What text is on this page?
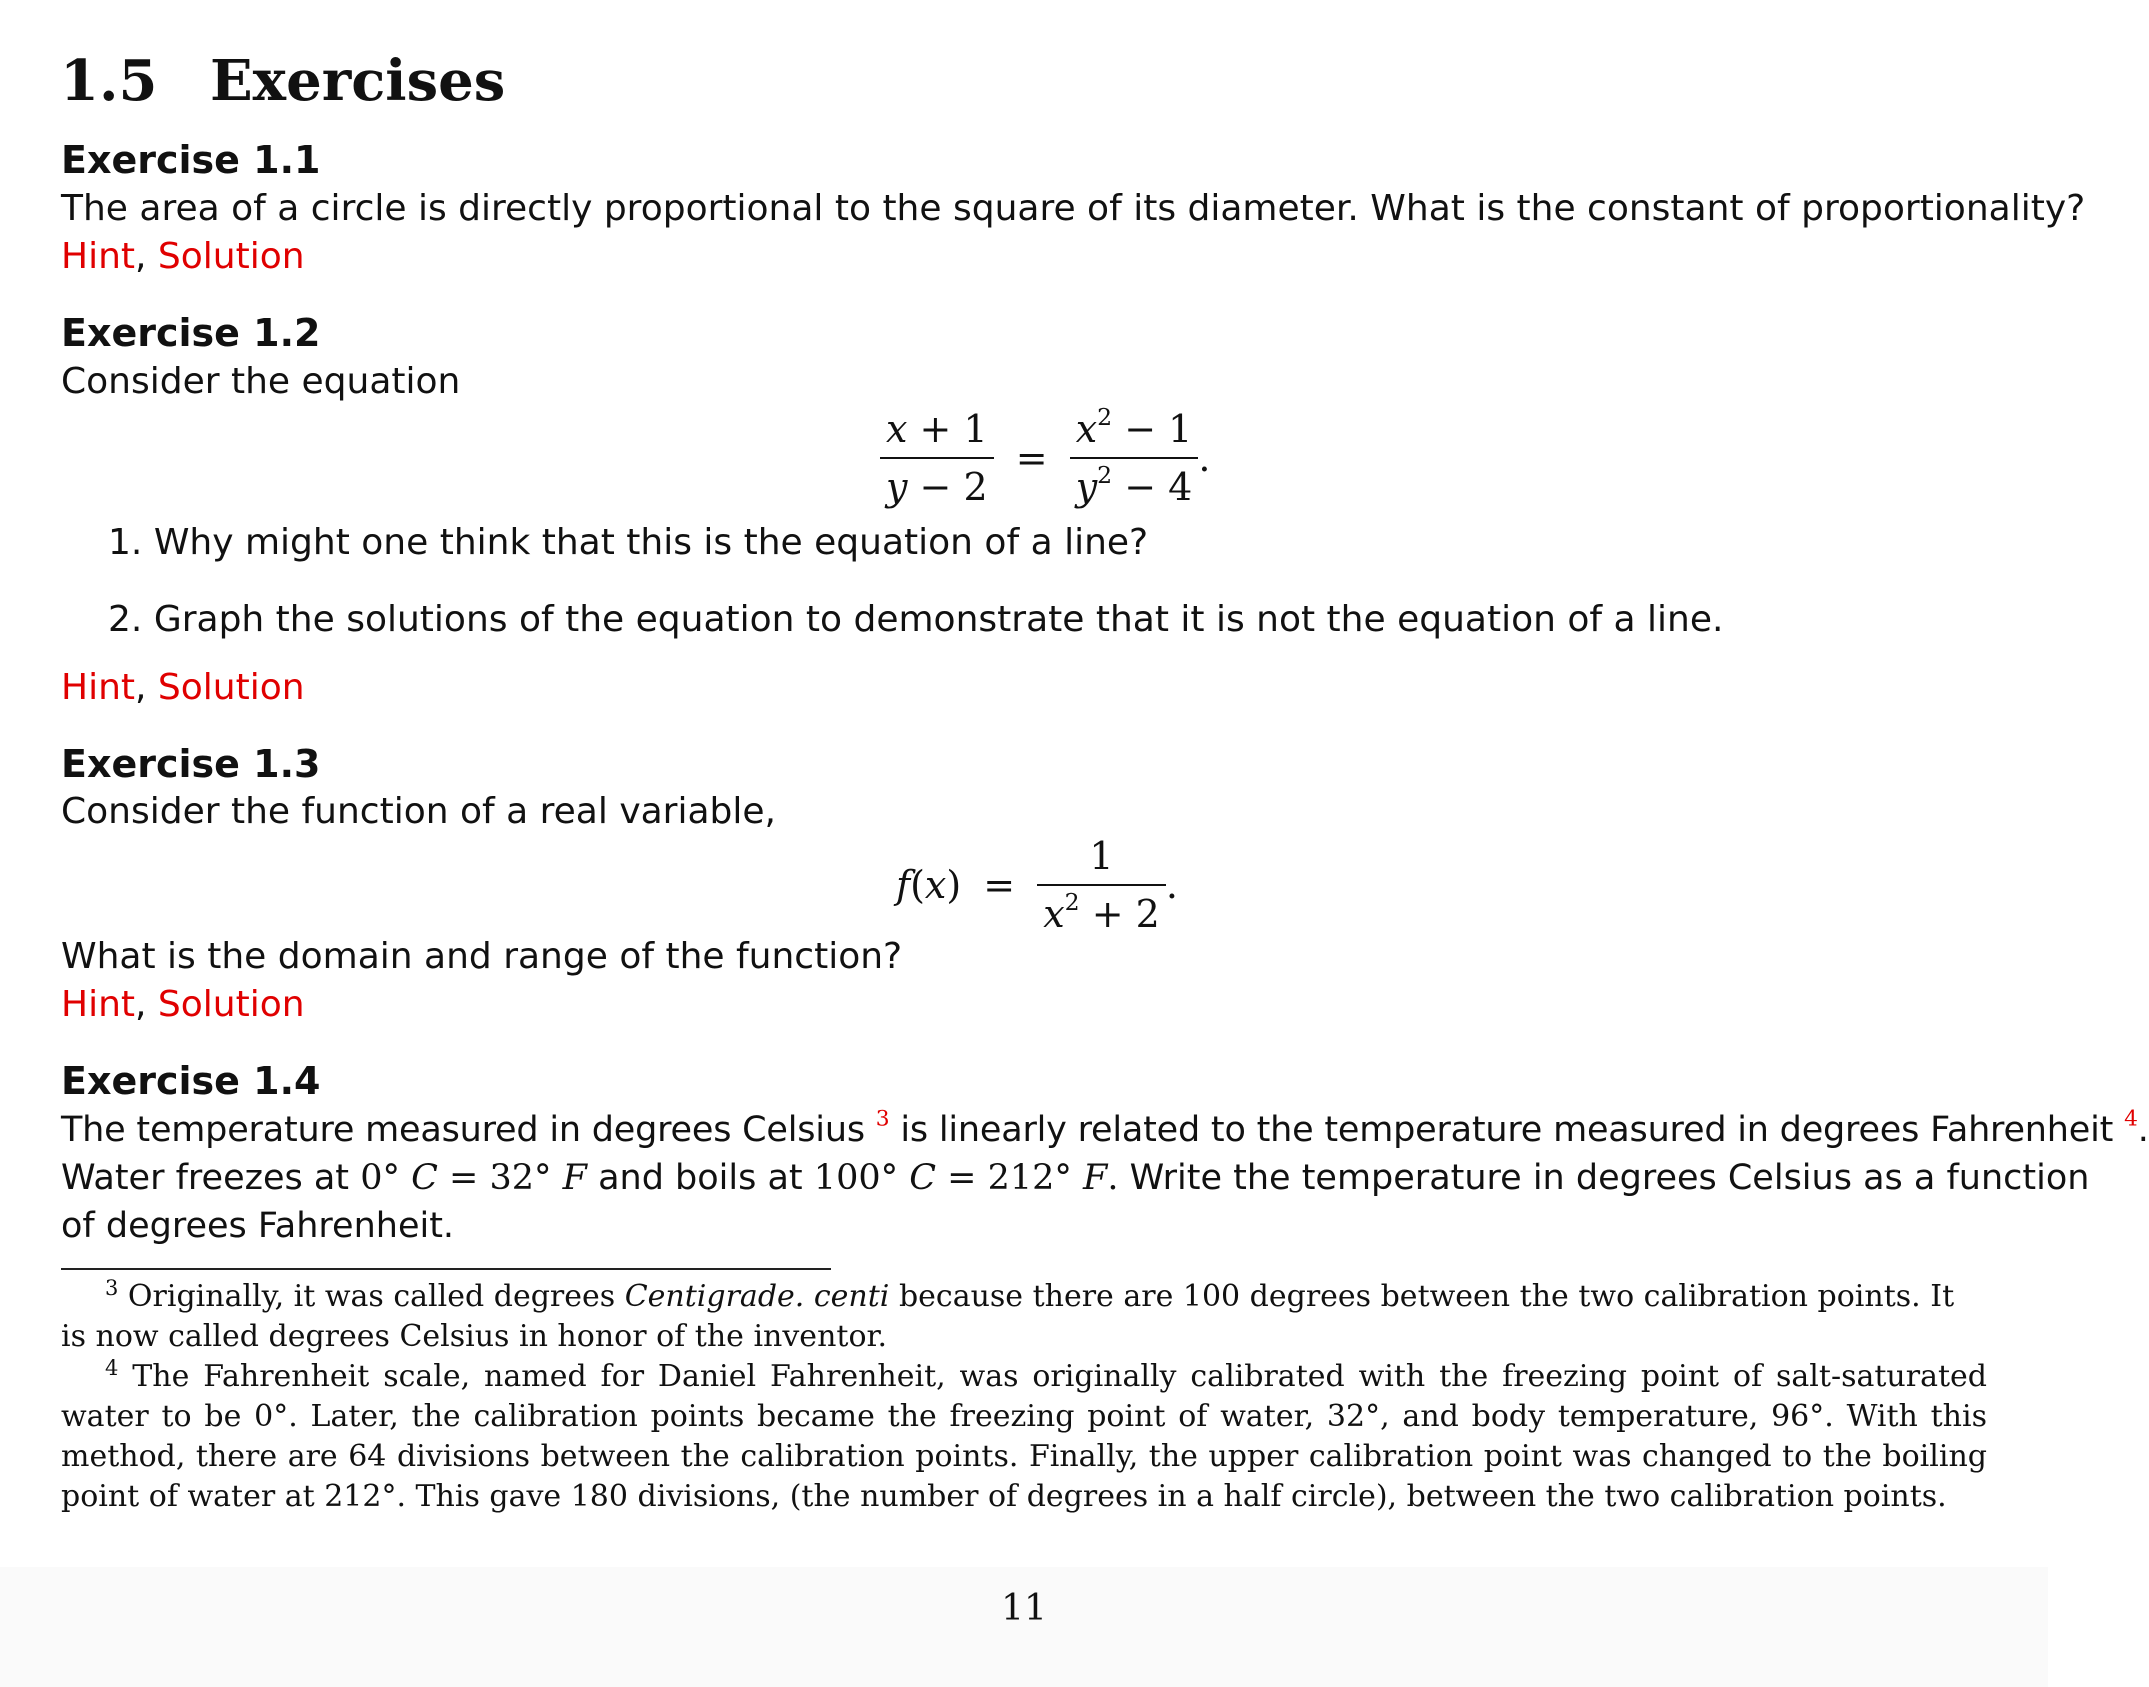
1.5 Exercises
Exercise 1.1
The area of a circle is directly proportional to the square of its diameter. What is the constant of proportionality?
Hint, Solution
Exercise 1.2
Consider the equation
$\frac{x + 1}{y - 2} = \frac{x^2 - 1}{y^2 - 4}$ .
1. Why might one think that this is the equation of a line?
2. Graph the solutions of the equation to demonstrate that it is not the equation of a line.
Hint, Solution
Exercise 1.3
Consider the function of a real variable,
$f(x) = \frac{1}{x^2 + 2}$ .
What is the domain and range of the function?
Hint, Solution
Exercise 1.4
The temperature measured in degrees Celsius $^3$ is linearly related to the temperature measured in degrees Fahrenheit $^4$.
Water freezes at 0° C = 32° F and boils at 100° C = 212° F. Write the temperature in degrees Celsius as a function
of degrees Fahrenheit.
$^3$ Originally, it was called degrees Centigrade. centi because there are 100 degrees between the two calibration points. It is now called degrees Celsius in honor of the inventor.
$^4$ The Fahrenheit scale, named for Daniel Fahrenheit, was originally calibrated with the freezing point of salt-saturated water to be 0°. Later, the calibration points became the freezing point of water, 32°, and body temperature, 96°. With this method, there are 64 divisions between the calibration points. Finally, the upper calibration point was changed to the boiling point of water at 212°. This gave 180 divisions, (the number of degrees in a half circle), between the two calibration points.
11
